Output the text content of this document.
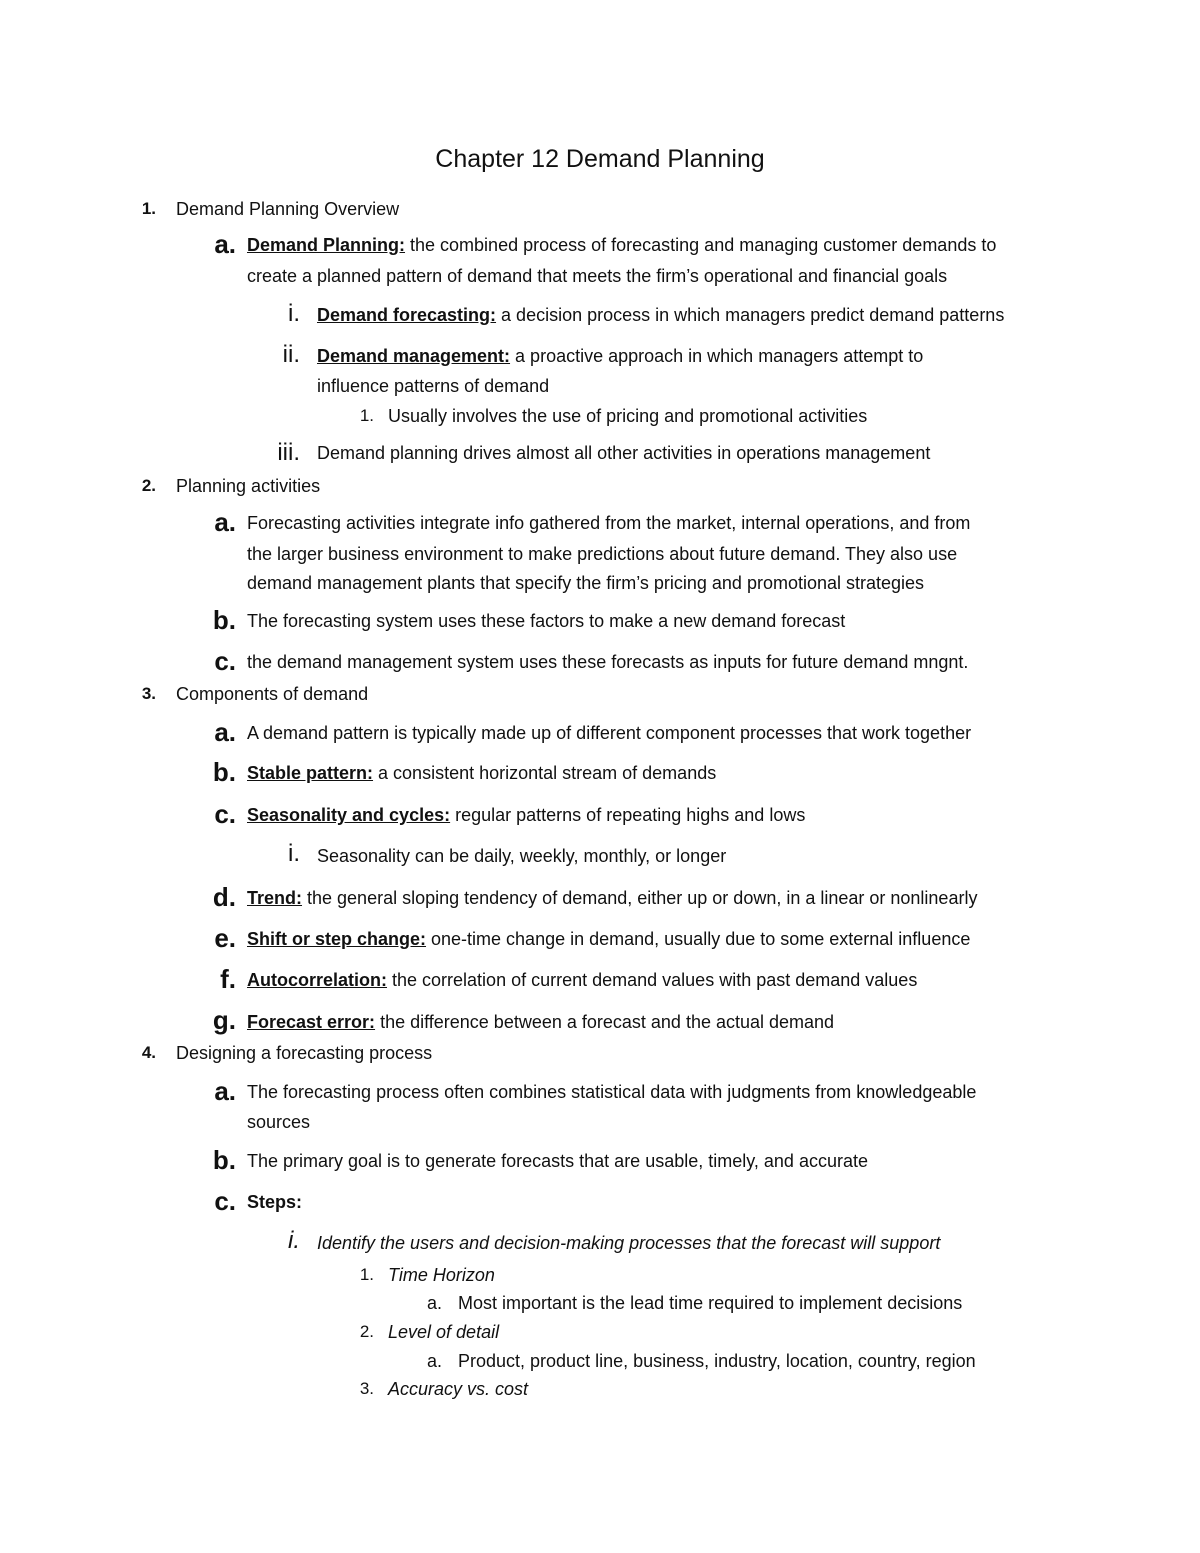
Chapter 12 Demand Planning
1. Demand Planning Overview
a. Demand Planning: the combined process of forecasting and managing customer demands to
create a planned pattern of demand that meets the firm’s operational and financial goals
i. Demand forecasting: a decision process in which managers predict demand patterns
ii. Demand management: a proactive approach in which managers attempt to
influence patterns of demand
1. Usually involves the use of pricing and promotional activities
iii. Demand planning drives almost all other activities in operations management
2. Planning activities
a. Forecasting activities integrate info gathered from the market, internal operations, and from
the larger business environment to make predictions about future demand. They also use
demand management plants that specify the firm’s pricing and promotional strategies
b. The forecasting system uses these factors to make a new demand forecast
c. the demand management system uses these forecasts as inputs for future demand mngnt.
3. Components of demand
a. A demand pattern is typically made up of different component processes that work together
b. Stable pattern: a consistent horizontal stream of demands
c. Seasonality and cycles: regular patterns of repeating highs and lows
i. Seasonality can be daily, weekly, monthly, or longer
d. Trend: the general sloping tendency of demand, either up or down, in a linear or nonlinearly
e. Shift or step change: one-time change in demand, usually due to some external influence
f. Autocorrelation: the correlation of current demand values with past demand values
g. Forecast error: the difference between a forecast and the actual demand
4. Designing a forecasting process
a. The forecasting process often combines statistical data with judgments from knowledgeable
sources
b. The primary goal is to generate forecasts that are usable, timely, and accurate
c. Steps:
i. Identify the users and decision-making processes that the forecast will support
1. Time Horizon
a. Most important is the lead time required to implement decisions
2. Level of detail
a. Product, product line, business, industry, location, country, region
3. Accuracy vs. cost
